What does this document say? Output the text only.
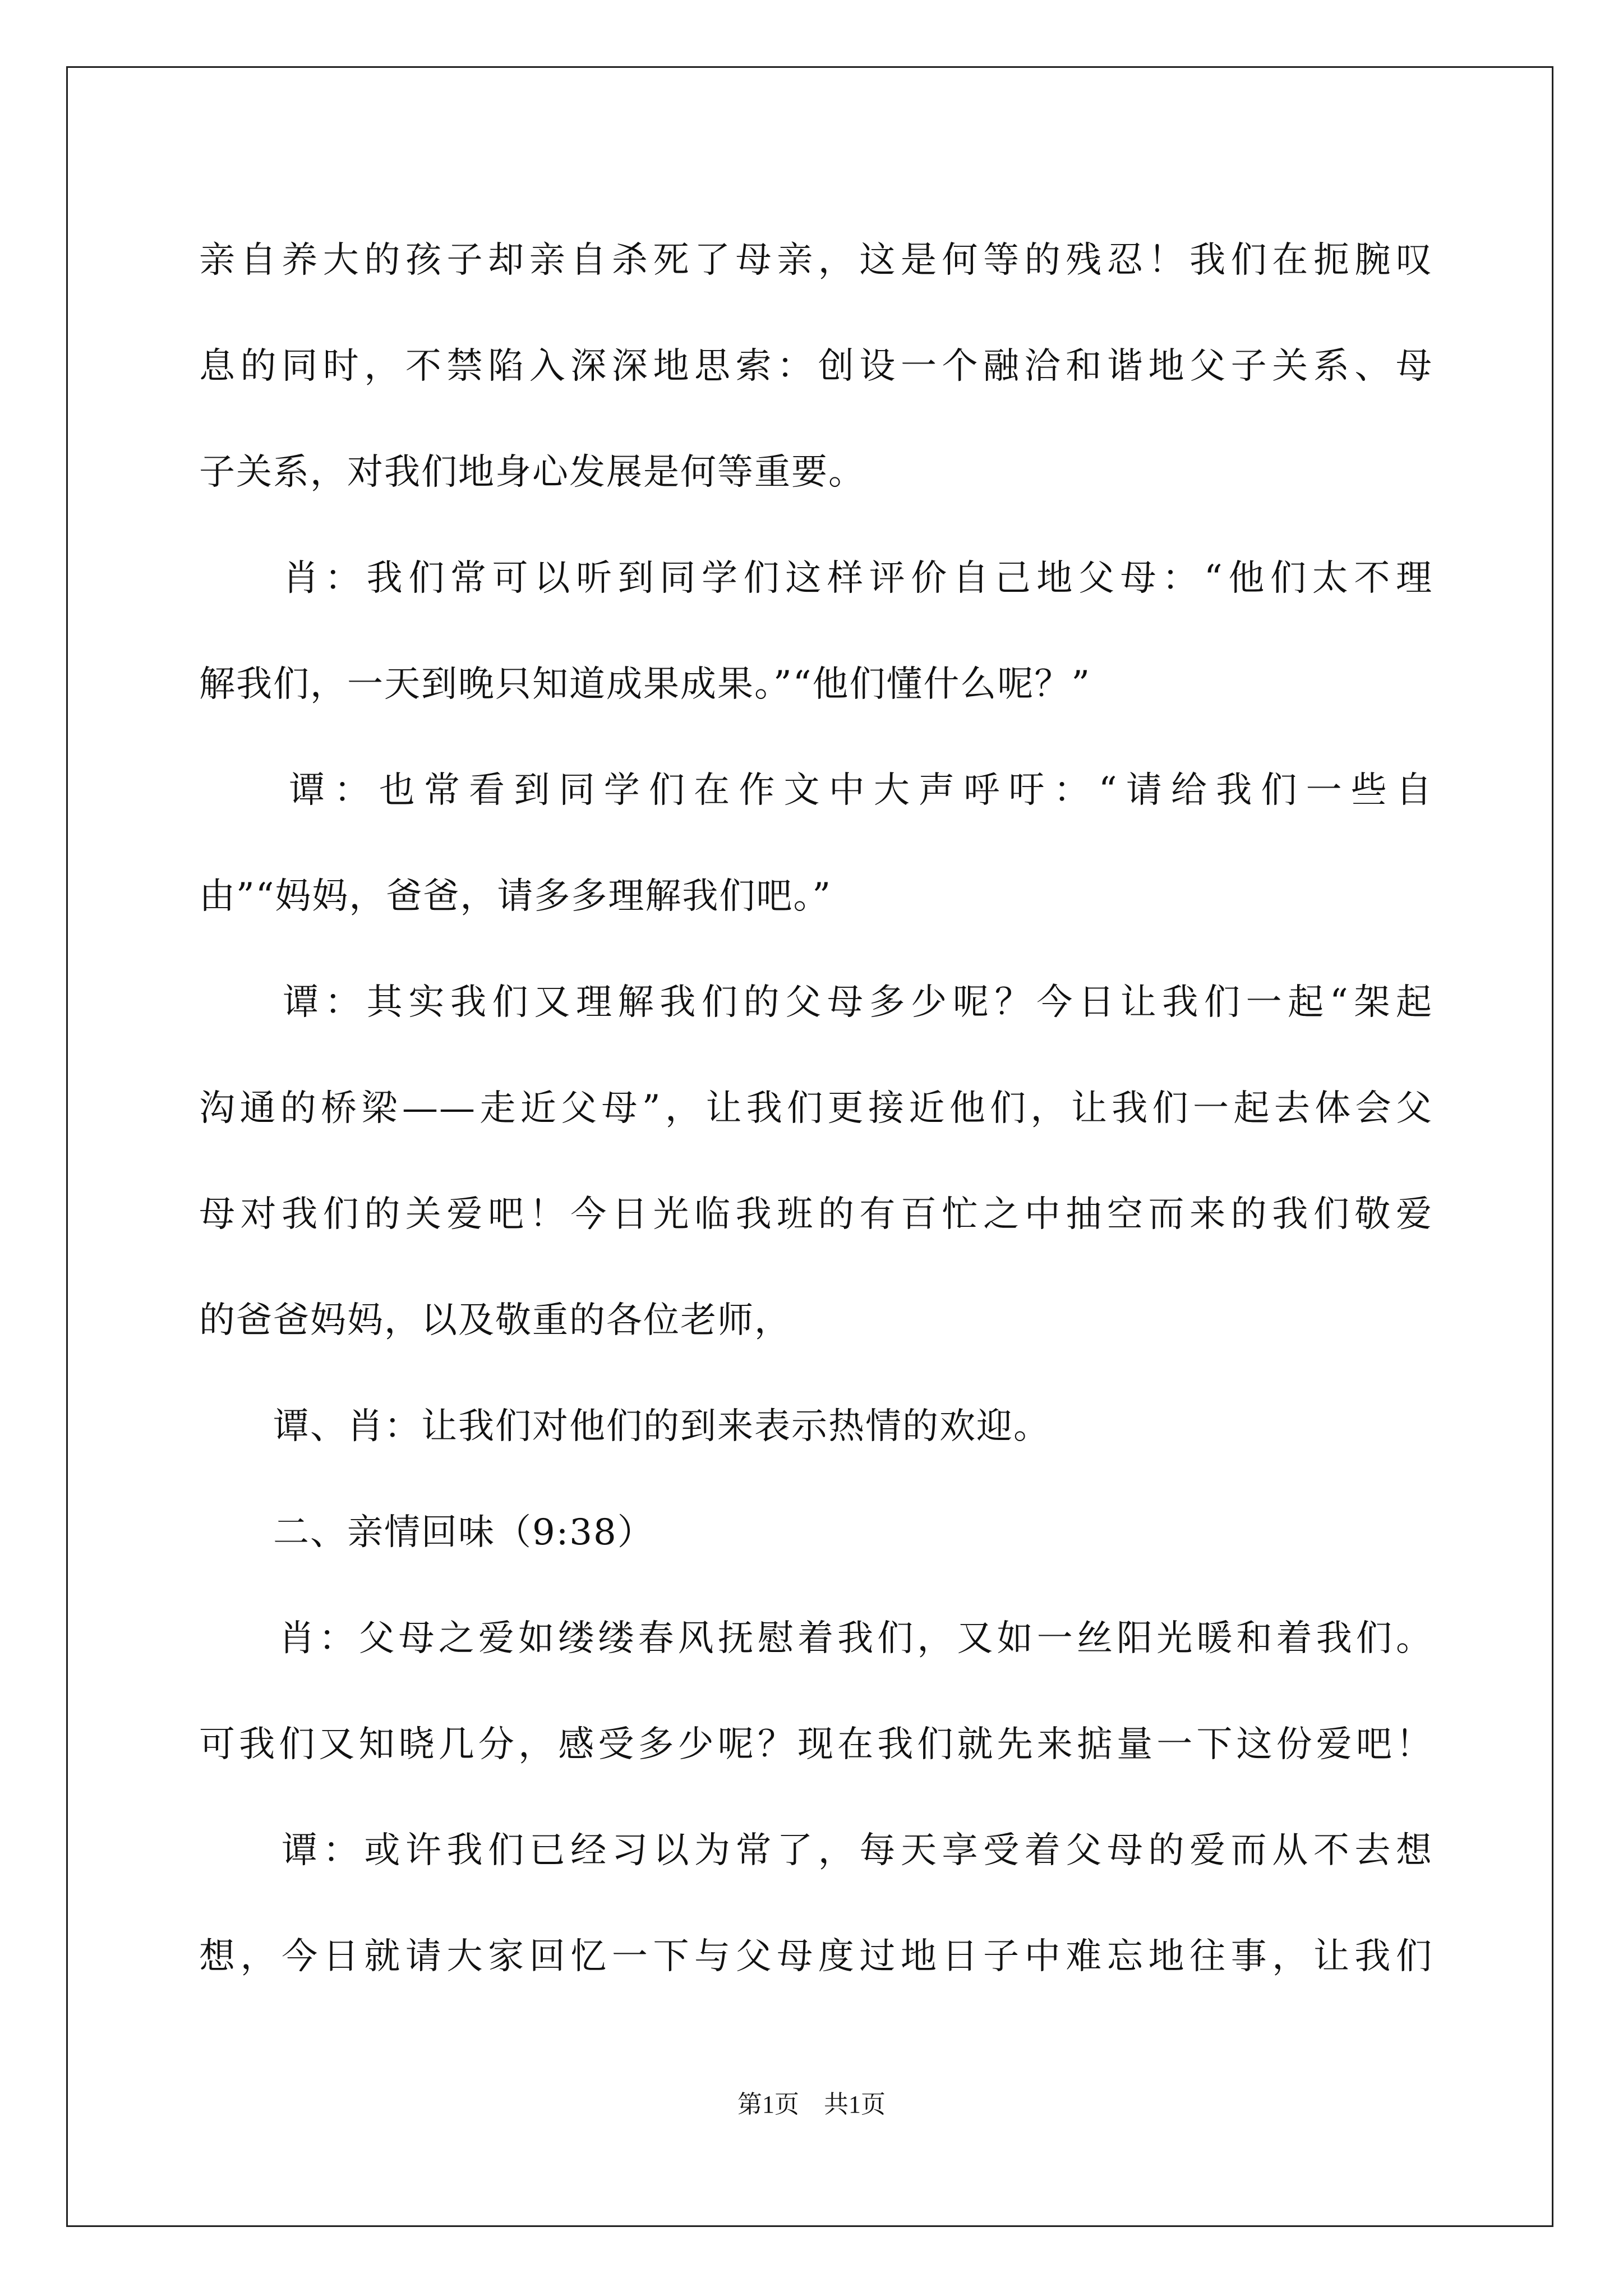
亲自养大的孩子却亲自杀死了母亲，这是何等的残忍！我们在扼腕叹
息的同时，不禁陷入深深地思索：创设一个融洽和谐地父子关系、母
子关系，对我们地身心发展是何等重要。
　　肖：我们常可以听到同学们这样评价自己地父母：“他们太不理
解我们，一天到晚只知道成果成果。”“他们懂什么呢？”
　　谭：也常看到同学们在作文中大声呼吁：“请给我们一些自
由”“妈妈，爸爸，请多多理解我们吧。”
　　谭：其实我们又理解我们的父母多少呢？今日让我们一起“架起
沟通的桥梁——走近父母”，让我们更接近他们，让我们一起去体会父
母对我们的关爱吧！今日光临我班的有百忙之中抽空而来的我们敬爱
的爸爸妈妈，以及敬重的各位老师，
　　谭、肖：让我们对他们的到来表示热情的欢迎。
　　二、亲情回味（9:38）
　　肖：父母之爱如缕缕春风抚慰着我们，又如一丝阳光暖和着我们。
可我们又知晓几分，感受多少呢？现在我们就先来掂量一下这份爱吧！
　　谭：或许我们已经习以为常了，每天享受着父母的爱而从不去想
想，今日就请大家回忆一下与父母度过地日子中难忘地往事，让我们
第1页 共1页
